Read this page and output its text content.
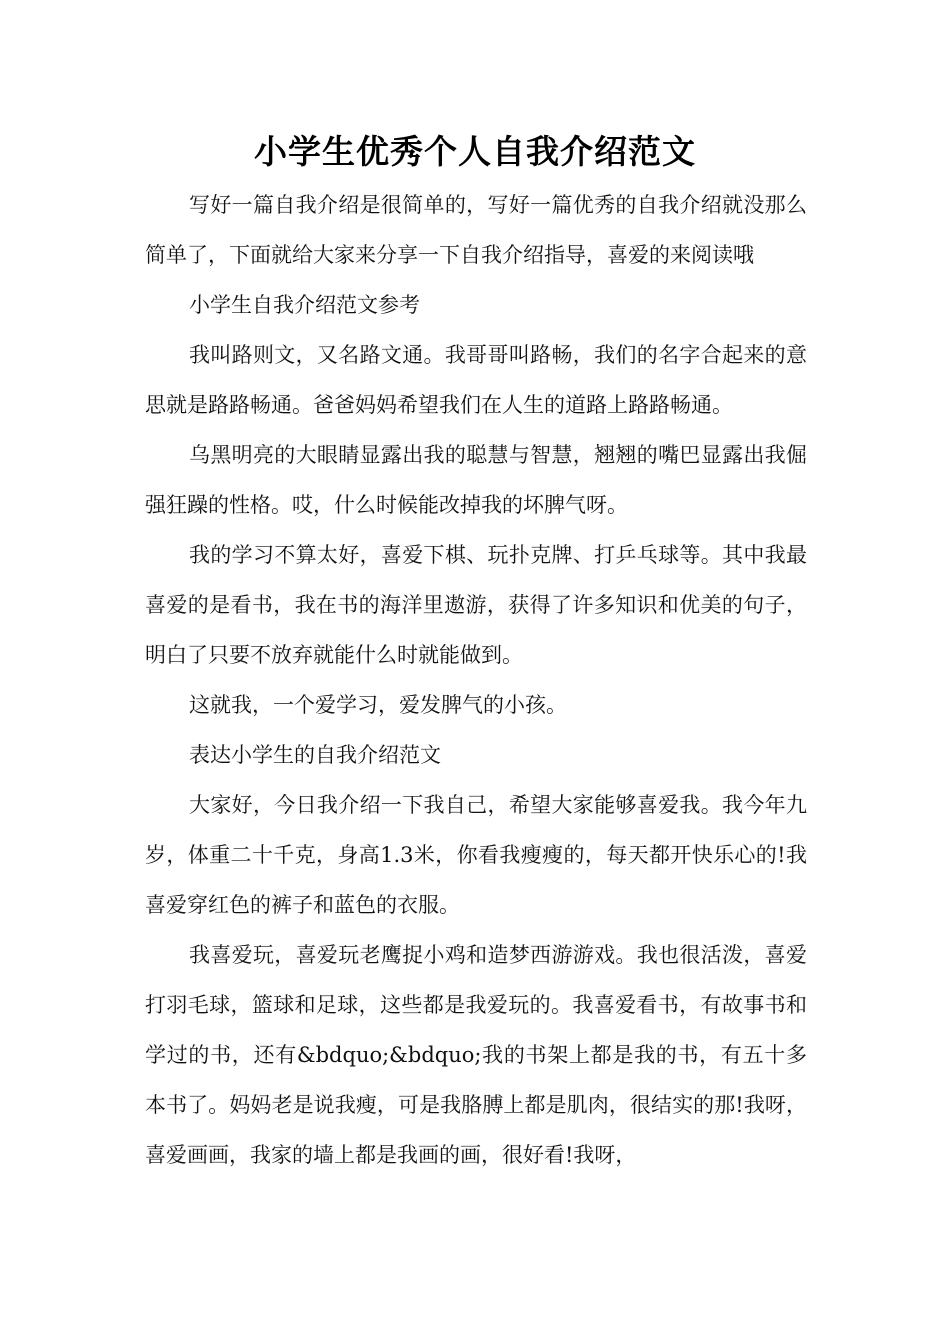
小学生优秀个人自我介绍范文

写好一篇自我介绍是很简单的，写好一篇优秀的自我介绍就没那么简单了，下面就给大家来分享一下自我介绍指导，喜爱的来阅读哦

小学生自我介绍范文参考

我叫路则文，又名路文通。我哥哥叫路畅，我们的名字合起来的意思就是路路畅通。爸爸妈妈希望我们在人生的道路上路路畅通。

乌黑明亮的大眼睛显露出我的聪慧与智慧，翘翘的嘴巴显露出我倔强狂躁的性格。哎，什么时候能改掉我的坏脾气呀。

我的学习不算太好，喜爱下棋、玩扑克牌、打乒乓球等。其中我最喜爱的是看书，我在书的海洋里遨游，获得了许多知识和优美的句子，明白了只要不放弃就能什么时就能做到。

这就我，一个爱学习，爱发脾气的小孩。

表达小学生的自我介绍范文

大家好，今日我介绍一下我自己，希望大家能够喜爱我。我今年九岁，体重二十千克，身高1.3米，你看我瘦瘦的，每天都开快乐心的!我喜爱穿红色的裤子和蓝色的衣服。

我喜爱玩，喜爱玩老鹰捉小鸡和造梦西游游戏。我也很活泼，喜爱打羽毛球，篮球和足球，这些都是我爱玩的。我喜爱看书，有故事书和学过的书，还有&bdquo;&bdquo;我的书架上都是我的书，有五十多本书了。妈妈老是说我瘦，可是我胳膊上都是肌肉，很结实的那!我呀，喜爱画画，我家的墙上都是我画的画，很好看!我呀，
